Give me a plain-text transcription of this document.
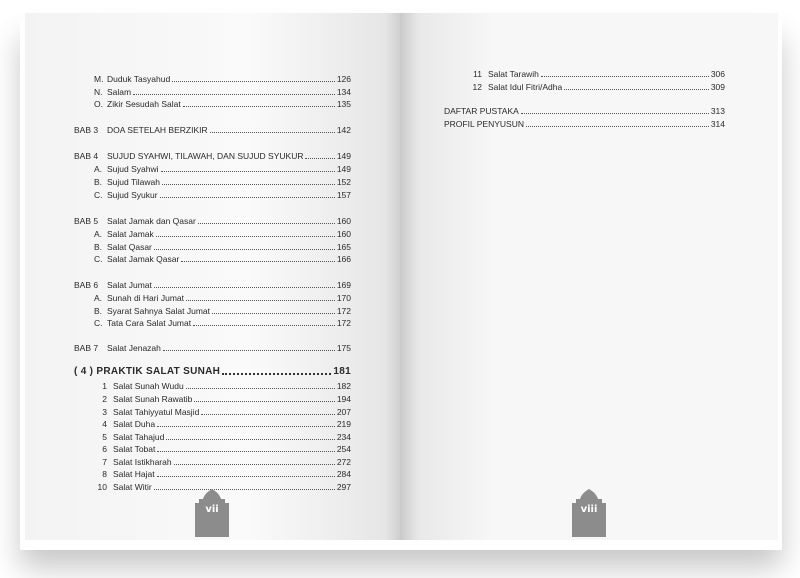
M. Duduk Tasyahud	126
N. Salam	134
O. Zikir Sesudah Salat	135
BAB 3	DOA SETELAH BERZIKIR	142
BAB 4	SUJUD SYAHWI, TILAWAH, DAN SUJUD SYUKUR	149
A. Sujud Syahwi	149
B. Sujud Tilawah	152
C. Sujud Syukur	157
BAB 5	Salat Jamak dan Qasar	160
A. Salat Jamak	160
B. Salat Qasar	165
C. Salat Jamak Qasar	166
BAB 6	Salat Jumat	169
A. Sunah di Hari Jumat	170
B. Syarat Sahnya Salat Jumat	172
C. Tata Cara Salat Jumat	172
BAB 7	Salat Jenazah	175
( 4 ) PRAKTIK SALAT SUNAH	181
1 Salat Sunah Wudu	182
2 Salat Sunah Rawatib	194
3 Salat Tahiyyatul Masjid	207
4 Salat Duha	219
5 Salat Tahajud	234
6 Salat Tobat	254
7 Salat Istikharah	272
8 Salat Hajat	284
10 Salat Witir	297
vii
11 Salat Tarawih	306
12 Salat Idul Fitri/Adha	309
DAFTAR PUSTAKA	313
PROFIL PENYUSUN	314
viii
